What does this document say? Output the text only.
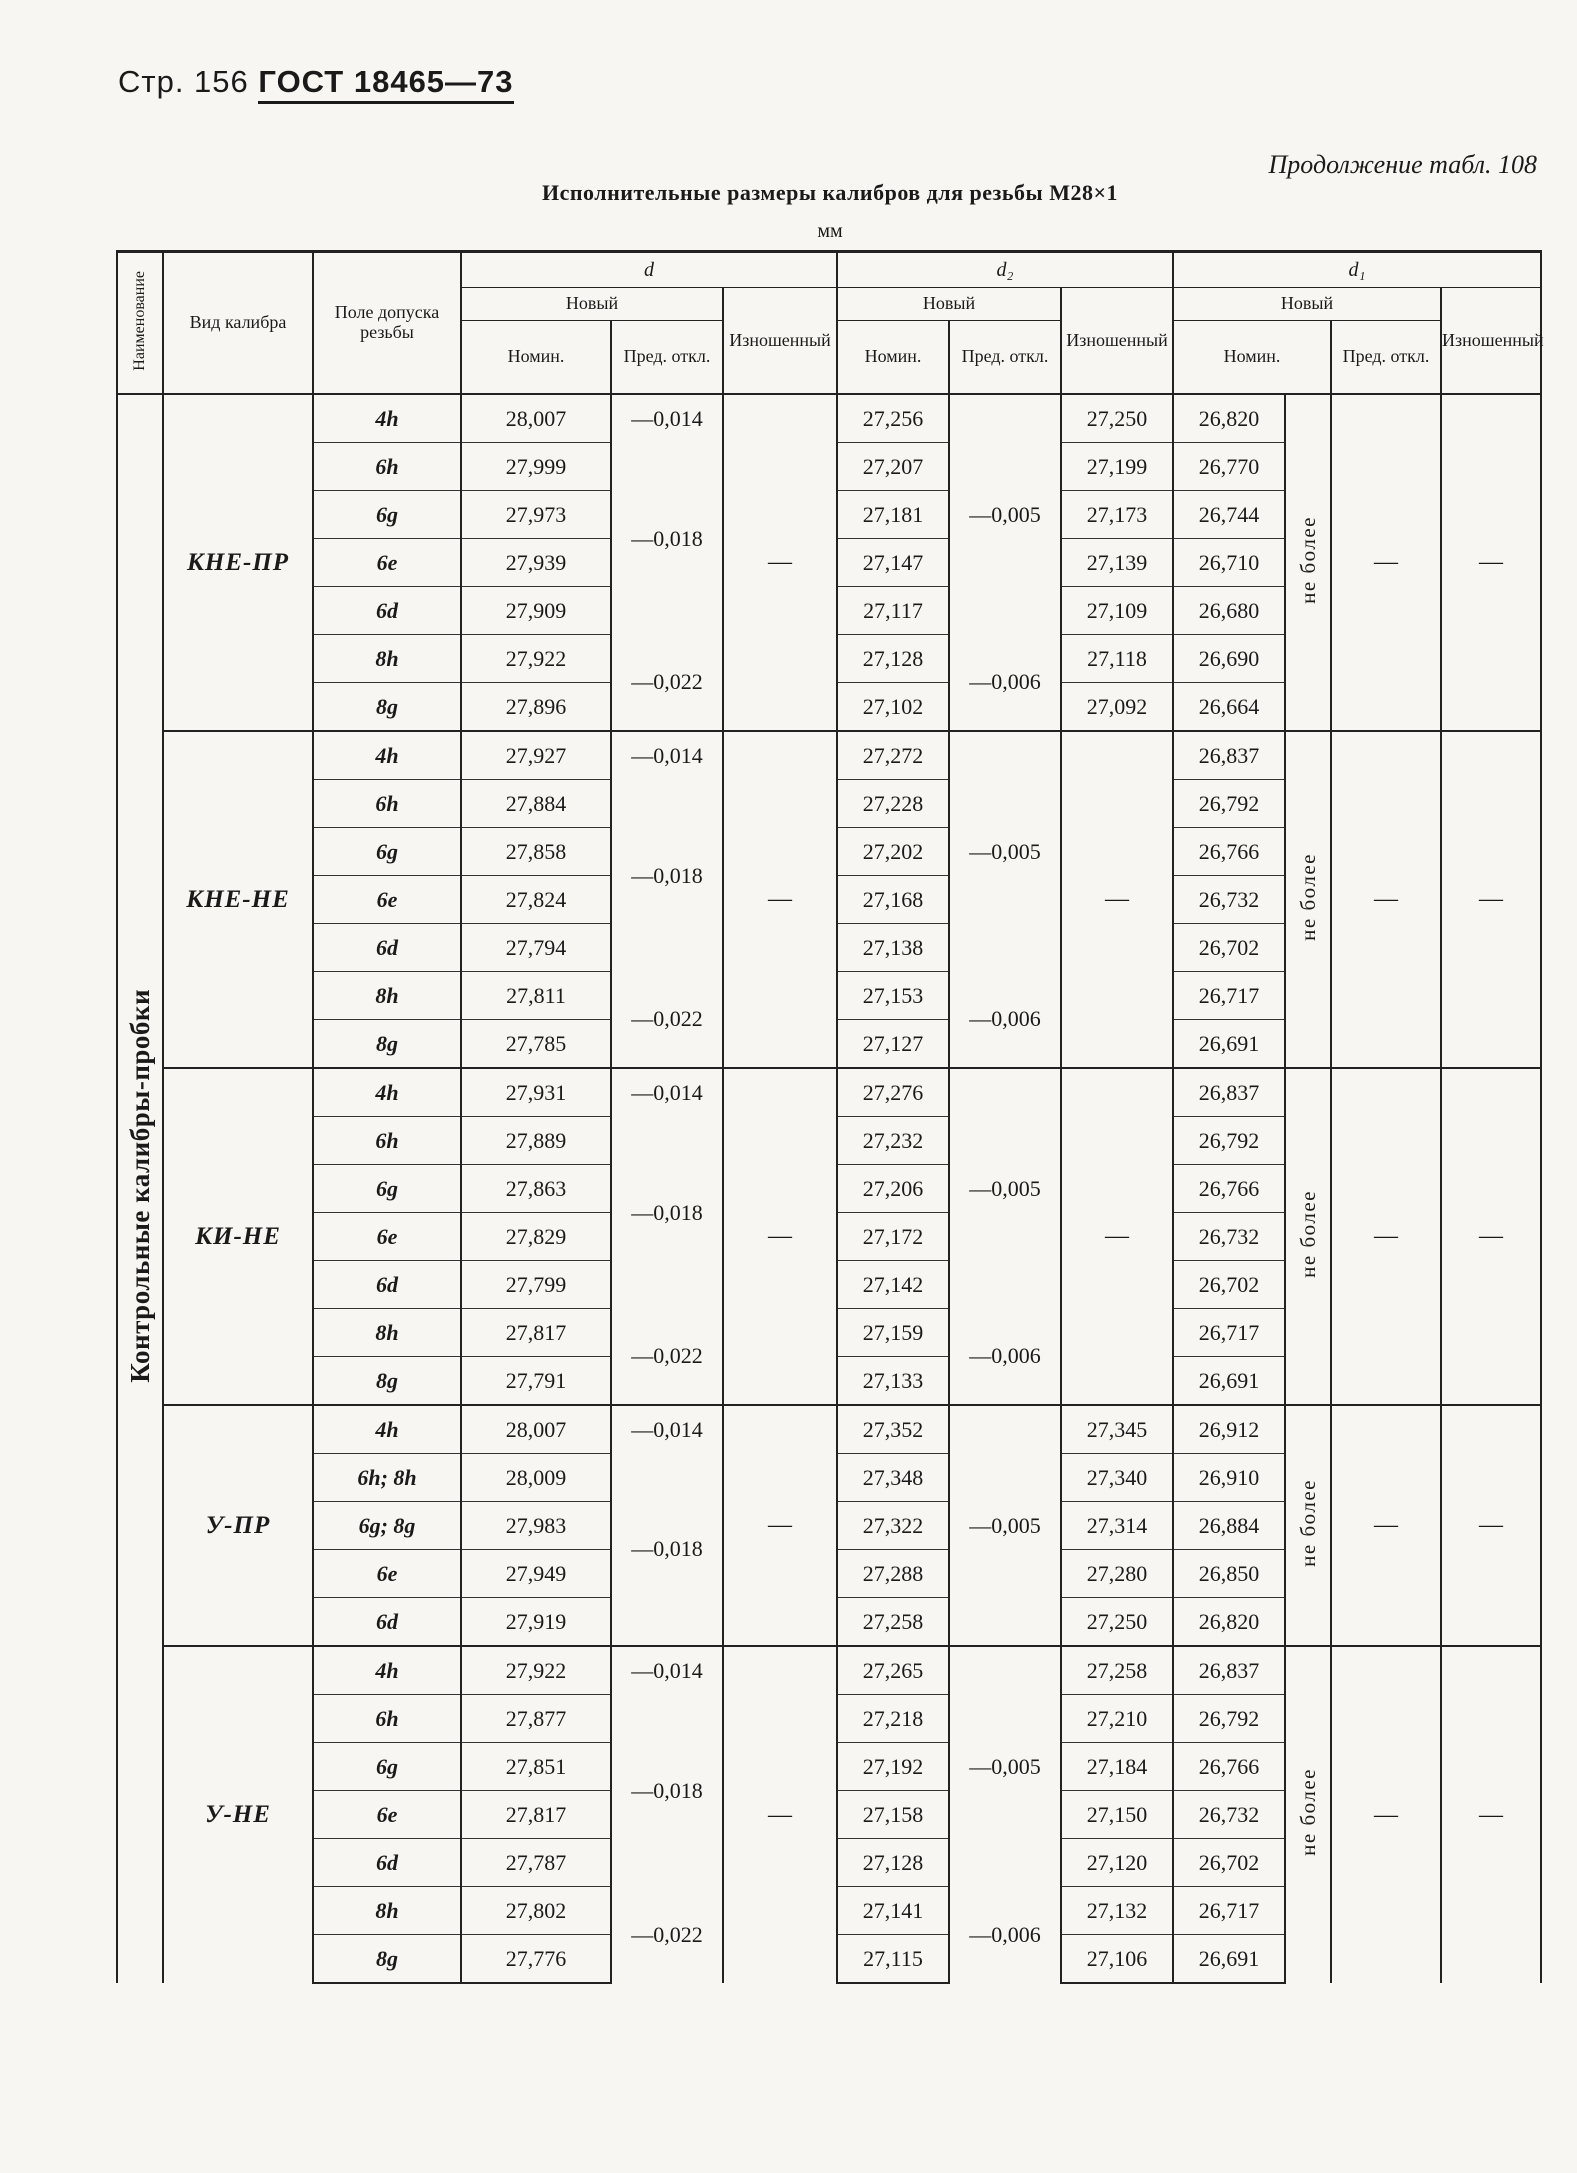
Стр. 156 ГОСТ 18465—73
Продолжение табл. 108
Исполнительные размеры калибров для резьбы М28×1
мм
Наименование	Вид калибра	Поле допуска резьбы	d			d₂			d₁			
			Новый		Изношенный	Новый		Изношенный	Новый			Изношенный
			Номин.	Пред. откл.		Номин.	Пред. откл.		Номин.		Пред. откл.	
Контрольные калибры-пробки	КНЕ-ПР	4h	28,007	—0,014	—	27,256	—0,005	27,250	26,820	не более	—	—
		6h	27,999	—0,018		27,207		27,199	26,770			
		6g	27,973			27,181		27,173	26,744			
		6e	27,939			27,147		27,139	26,710			
		6d	27,909			27,117		27,109	26,680			
		8h	27,922	—0,022		27,128	—0,006	27,118	26,690			
		8g	27,896			27,102		27,092	26,664			
	КНЕ-НЕ	4h	27,927	—0,014	—	27,272	—0,005	—	26,837	не более	—	—
		6h	27,884	—0,018		27,228			26,792			
		6g	27,858			27,202			26,766			
		6e	27,824			27,168			26,732			
		6d	27,794			27,138			26,702			
		8h	27,811	—0,022		27,153	—0,006		26,717			
		8g	27,785			27,127			26,691			
	КИ-НЕ	4h	27,931	—0,014	—	27,276	—0,005	—	26,837	не более	—	—
		6h	27,889	—0,018		27,232			26,792			
		6g	27,863			27,206			26,766			
		6e	27,829			27,172			26,732			
		6d	27,799			27,142			26,702			
		8h	27,817	—0,022		27,159	—0,006		26,717			
		8g	27,791			27,133			26,691			
	У-ПР	4h	28,007	—0,014	—	27,352	—0,005	27,345	26,912	не более	—	—
		6h; 8h	28,009	—0,018		27,348		27,340	26,910			
		6g; 8g	27,983			27,322		27,314	26,884			
		6e	27,949			27,288		27,280	26,850			
		6d	27,919			27,258		27,250	26,820			
	У-НЕ	4h	27,922	—0,014	—	27,265	—0,005	27,258	26,837	не более	—	—
		6h	27,877	—0,018		27,218		27,210	26,792			
		6g	27,851			27,192		27,184	26,766			
		6e	27,817			27,158		27,150	26,732			
		6d	27,787			27,128		27,120	26,702			
		8h	27,802	—0,022		27,141	—0,006	27,132	26,717			
		8g	27,776			27,115		27,106	26,691			
